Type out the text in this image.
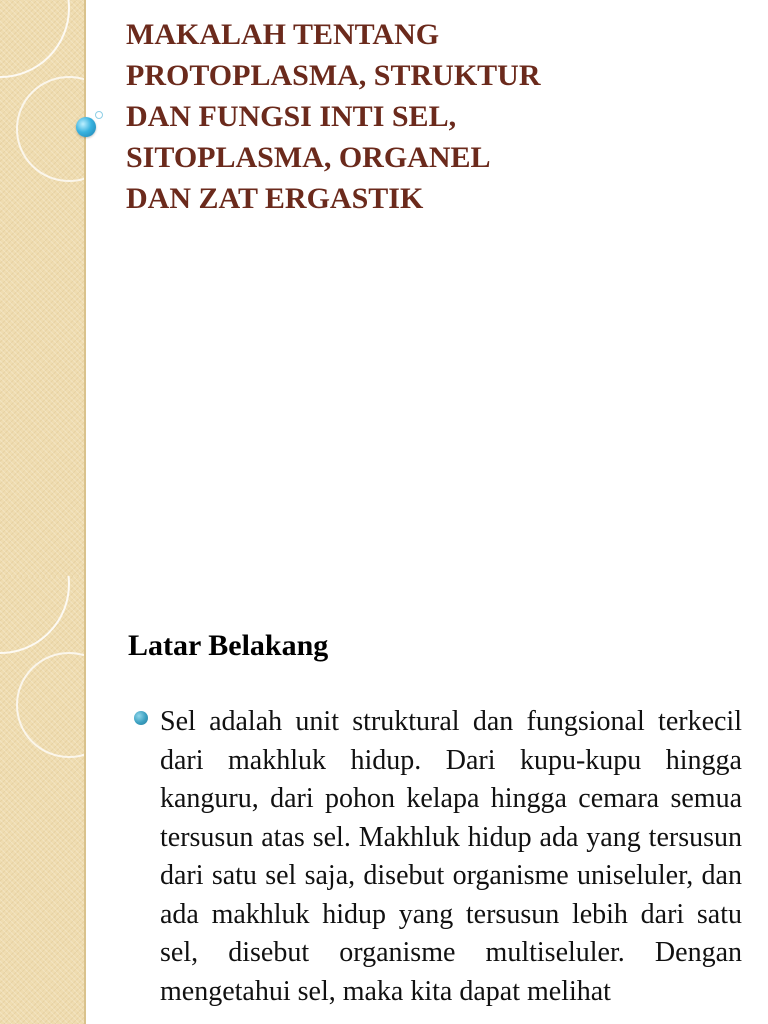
MAKALAH TENTANG
PROTOPLASMA, STRUKTUR
DAN FUNGSI INTI SEL,
SITOPLASMA, ORGANEL
DAN ZAT ERGASTIK
Latar Belakang

Sel adalah unit struktural dan fungsional terkecil dari makhluk hidup. Dari kupu-kupu hingga kanguru, dari pohon kelapa hingga cemara semua tersusun atas sel. Makhluk hidup ada yang tersusun dari satu sel saja, disebut organisme uniseluler, dan ada makhluk hidup yang tersusun lebih dari satu sel, disebut organisme multiseluler. Dengan mengetahui sel, maka kita dapat melihat
